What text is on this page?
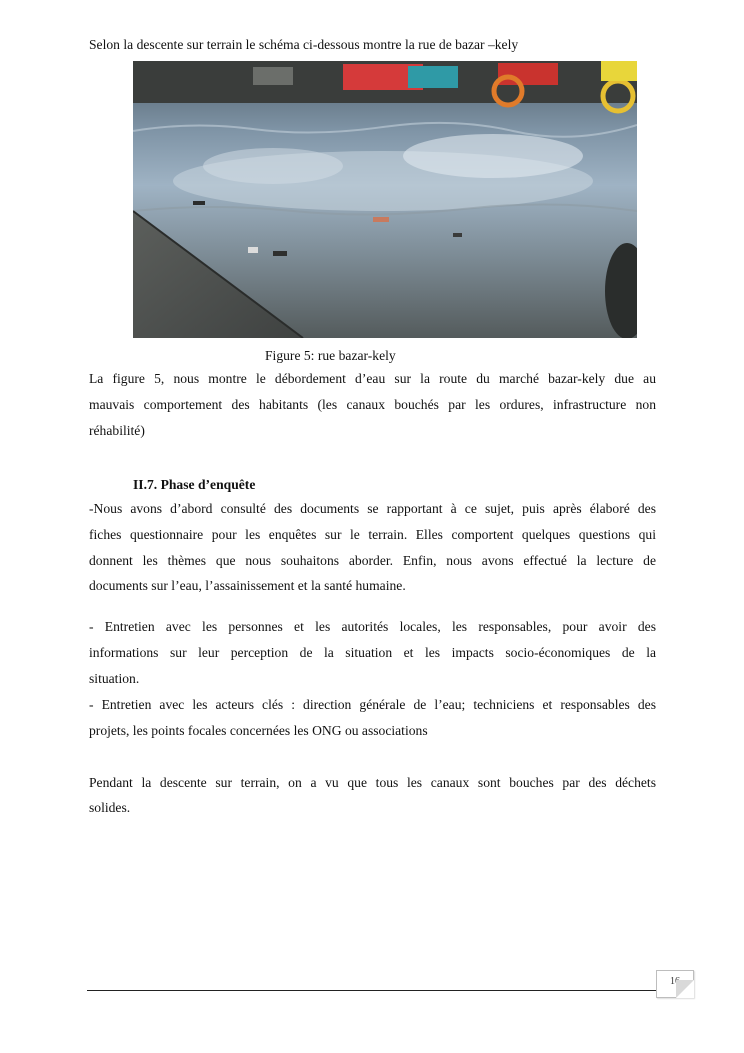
Selon la descente sur terrain le schéma ci-dessous montre la rue de bazar –kely
Figure 5: rue bazar-kely
La figure 5, nous montre le débordement d’eau sur la route du marché bazar-kely due au
mauvais comportement des habitants (les canaux bouchés par les ordures, infrastructure non
réhabilité)
II.7. Phase d’enquête
-Nous avons d’abord consulté des documents se rapportant à ce sujet, puis après élaboré des
fiches questionnaire pour les enquêtes sur le terrain. Elles comportent quelques questions qui
donnent les thèmes que nous souhaitons aborder. Enfin, nous avons effectué la lecture de
documents sur l’eau, l’assainissement et la santé humaine.
- Entretien avec les personnes et les autorités locales, les responsables, pour avoir des
informations sur leur perception de la situation et les impacts socio-économiques de la
situation.
- Entretien avec les acteurs clés : direction générale de l’eau; techniciens et responsables des
projets, les points focales concernées les ONG ou associations
Pendant la descente sur terrain, on a vu que tous les canaux sont bouches par des déchets
solides.
16
